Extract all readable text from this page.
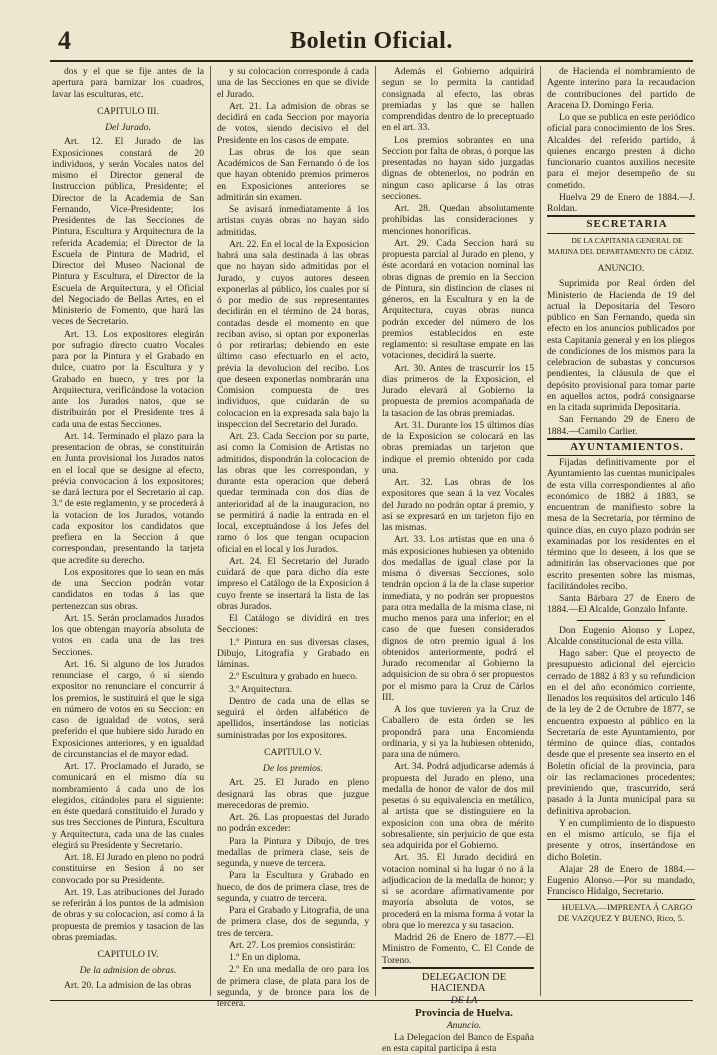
4	Boletin Oficial.

dos y el que se fije antes de la apertura para barnizar los cuadros, lavar las esculturas, etc.

CAPITULO III.

Del Jurado.

Art. 12. El Jurado de las Exposiciones constará de 20 individuos, y serán Vocales natos del mismo el Director general de Instruccion pública, Presidente; el Director de la Academia de San Fernando, Vice-Presidente; los Presidentes de las Secciones de Pintura, Escultura y Arquitectura de la referida Academia; el Director de la Escuela de Pintura de Madrid, el Director del Museo Nacional de Pintura y Escultura, el Director de la Escuela de Arquitectura, y el Oficial del Negociado de Bellas Artes, en el Ministerio de Fomento, que hará las veces de Secretario.

Art. 13. Los expositores elegirán por sufragio directo cuatro Vocales para por la Pintura y el Grabado en dulce, cuatro por la Escultura y y Grabado en hueco, y tres por la Arquitectura, verificándose la votacion ante los Jurados natos, que se distribuirán por el Presidente tres á cada una de estas Secciones.

Art. 14. Terminado el plazo para la presentacion de obras, se constituirán en Junta provisional los Jurados natos en el local que se designe al efecto, prévia convocacion á los expositores; se dará lectura por el Secretario al cap. 3.º de este reglamento, y se procederá á la votacion de los Jurados, votando cada expositor los candidatos que prefiera en la Seccion á que correspondan, presentando la tarjeta que acredite su derecho.

Los expositores que lo sean en más de una Seccion podrán votar candidatos en todas á las que pertenezcan sus obras.

Art. 15. Serán proclamados Jurados los que obtengan mayoría absoluta de votos en cada una de las tres Secciones.

Art. 16. Si alguno de los Jurados renunciase el cargo, ó si siendo expositor no renunciare el concurrir á los premios, le sustituirá el que le siga en número de votos en su Seccion: en caso de igualdad de votos, será preferido el que hubiere sido Jurado en Exposiciones anteriores, y en igualdad de circunstancias el de mayor edad.

Art. 17. Proclamado el Jurado, se comunicará en el mismo día su nombramiento á cada uno de los elegidos, citándoles para el siguiente: en éste quedará constituido el Jurado y sus tres Secciones de Pintura, Escultura y Arquitectura, cada una de las cuales elegirá su Presidente y Secretario.

Art. 18. El Jurado en pleno no podrá constituirse en Sesion á no ser convocado por su Presidente.

Art. 19. Las atribuciones del Jurado se referirán á los puntos de la admision de obras y su colocacion, así como á la propuesta de premios y tasacion de las obras premiadas.

CAPITULO IV.

De la admision de obras.

Art. 20. La admision de las obras

y su colocacion corresponde á cada una de las Secciones en que se divide el Jurado.

Art. 21. La admision de obras se decidirá en cada Seccion por mayoría de votos, siendo decisivo el del Presidente en los casos de empate.

Las obras de los que sean Académicos de San Fernando ó de los que hayan obtenido premios primeros en Exposiciones anteriores se admitirán sin examen.

Se avisará inmediatamente á los artistas cuyas obras no hayan sido admitidas.

Art. 22. En el local de la Exposicion habrá una sala destinada á las obras que no hayan sido admitidas por el Jurado, y cuyos autores deseen exponerlas al público, los cuales por sí ó por medio de sus representantes decidirán en el término de 24 horas, contadas desde el momento en que reciban aviso, si optan por exponerlas ó por retirarlas; debiendo en este último caso efectuarlo en el acto, prévia la devolucion del recibo. Los que deseen exponerlas nombrarán una Comision compuesta de tres individuos, que cuidarán de su colocacion en la expresada sala bajo la inspeccion del Secretario del Jurado.

Art. 23. Cada Seccion por su parte, así como la Comision de Artistas no admitidos, dispondrán la colocacion de las obras que les correspondan, y durante esta operacion que deberá quedar terminada con dos días de anterioridad al de la inauguracion, no se permitirá á nadie la entrada en el local, exceptuándose á los Jefes del ramo ó los que tengan ocupacion oficial en el local y los Jurados.

Art. 24. El Secretario del Jurado cuidará de que para dicho día este impreso el Catálogo de la Exposicion á cuyo frente se insertará la lista de las obras Jurados.

El Catálogo se dividirá en tres Secciones:

1.º Pintura en sus diversas clases, Dibujo, Litografía y Grabado en láminas.

2.º Escultura y grabado en hueco.

3.º Arquitectura.

Dentro de cada una de ellas se seguirá el órden alfabético de apellidos, insertándose las noticias suministradas por los expositores.

CAPITULO V.

De los premios.

Art. 25. El Jurado en pleno designará las obras que juzgue merecedoras de premio.

Art. 26. Las propuestas del Jurado no podrán exceder:

Para la Pintura y Dibujo, de tres medallas de primera clase, seis de segunda, y nueve de tercera.

Para la Escultura y Grabado en hueco, de dos de primera clase, tres de segunda, y cuatro de tercera.

Para el Grabado y Litografía, de una de primera clase, dos de segunda, y tres de tercera.

Art. 27. Los premios consistirán:

1.º En un diploma.

2.º En una medalla de oro para los de primera clase, de plata para los de segunda, y de bronce para los de tercera.

Además el Gobierno adquirirá segun se lo permita la cantidad consignada al efecto, las obras premiadas y las que se hallen comprendidas dentro de lo preceptuado en el art. 33.

Los premios sobrantes en una Seccion por falta de obras, ó porque las presentadas no hayan sido juzgadas dignas de obtenerlos, no podrán en ningun caso aplicarse á las otras secciones.

Art. 28. Quedan absolutamente prohibidas las consideraciones y menciones honoríficas.

Art. 29. Cada Seccion hará su propuesta parcial al Jurado en pleno, y éste acordará en votacion nominal las obras dignas de premio en la Seccion de Pintura, sin distincion de clases ni géneros, en la Escultura y en la de Arquitectura, cuyas obras nunca podrán exceder del número de los premios establecidos en este reglamento: si resultase empate en las votaciones, decidirá la suerte.

Art. 30. Antes de trascurrir los 15 días primeros de la Exposicion, el Jurado elevará al Gobierno la propuesta de premios acompañada de la tasacion de las obras premiadas.

Art. 31. Durante los 15 últimos días de la Exposicion se colocará en las obras premiadas un tarjeton que indique el premio obtenido por cada una.

Art. 32. Las obras de los expositores que sean á la vez Vocales del Jurado no podrán optar á premio, y así se expresará en un tarjeton fijo en las mismas.

Art. 33. Los artistas que en una ó más exposiciones hubiesen ya obtenido dos medallas de igual clase por la misma ó diversas Secciones, solo tendrán opcion á la de la clase superior inmediata, y no podrán ser propuestos para otra medalla de la misma clase, ni mucho menos para una inferior; en el caso de que fuesen considerados dignos de otro premio igual á los obtenidos anteriormente, podrá el Jurado recomendar al Gobierno la adquisicion de su obra ó ser propuestos por el mismo para la Cruz de Cárlos III.

A los que tuvieren ya la Cruz de Caballero de esta órden se les propondrá para una Encomienda ordinaria, y si ya la hubiesen obtenido, para una de número.

Art. 34. Podrá adjudicarse además á propuesta del Jurado en pleno, una medalla de honor de valor de dos mil pesetas ó su equivalencia en metálico, al artista que se distinguiere en la exposicion con una obra de mérito sobresaliente, sin perjuicio de que esta sea adquirida por el Gobierno.

Art. 35. El Jurado decidirá en votacion nominal si ha lugar ó no á la adjudicacion de la medalla de honor; y si se acordare afirmativamente por mayoría absoluta de votos, se procederá en la misma forma á votar la obra que lo merezca y su tasacion.

Madrid 26 de Enero de 1877.—El Ministro de Fomento, C. El Conde de Toreno.

DELEGACION DE HACIENDA

DE LA

Provincia de Huelva.

Anuncio.

La Delegacion del Banco de España en esta capital participa á esta

de Hacienda el nombramiento de Agente interino para la recaudacion de contribuciones del partido de Aracena D. Domingo Feria.

Lo que se publica en este periódico oficial para conocimiento de los Sres. Alcaldes del referido partido, á quienes encargo presten á dicho funcionario cuantos auxilios necesite para el mejor desempeño de su cometido.

Huelva 29 de Enero de 1884.—J. Roldan.

SECRETARIA

DE LA CAPITANIA GENERAL DE MARINA DEL DEPARTAMENTO DE CÁDIZ.

ANUNCIO.

Suprimida por Real órden del Ministerio de Hacienda de 19 del actual la Depositaría del Tesoro público en San Fernando, queda sin efecto en los anuncios publicados por esta Capitanía general y en los pliegos de condiciones de los mismos para la celebracion de subastas y concursos pendientes, la cláusula de que el depósito provisional para tomar parte en aquellos actos, podrá consignarse en la citada suprimida Depositaría.

San Fernando 29 de Enero de 1884.—Camilo Carlier.

AYUNTAMIENTOS.

Fijadas definitivamente por el Ayuntamiento las cuentas municipales de esta villa correspondientes al año económico de 1882 á 1883, se encuentran de manifiesto sobre la mesa de la Secretaría, por término de quince días, en cuyo plazo podrán ser examinadas por los residentes en el término que lo deseen, á los que se admitirán las observaciones que por escrito presenten sobre las mismas, facilitándoles recibo.

Santa Bárbara 27 de Enero de 1884.—El Alcalde, Gonzalo Infante.

Don Eugenio Alonso y Lopez, Alcalde constitucional de esta villa.

Hago saber: Que el proyecto de presupuesto adicional del ejercicio cerrado de 1882 á 83 y su refundicion en el del año económico corriente, llenados los requisitos del artículo 146 de la ley de 2 de Octubre de 1877, se encuentra expuesto al público en la Secretaría de este Ayuntamiento, por término de quince días, contados desde que el presente sea inserto en el Boletín oficial de la provincia, para oir las reclamaciones procedentes; previniendo que, trascurrido, será pasado á la Junta municipal para su definitiva aprobacion.

Y en cumplimiento de lo dispuesto en el mismo artículo, se fija el presente y otros, insertándose en dicho Boletín.

Alajar 28 de Enero de 1884.—Eugenio Alonso.—Por su mandado, Francisco Hidalgo, Secretario.

HUELVA.—IMPRENTA Á CARGO DE VAZQUEZ Y BUENO, Rico, 5.
